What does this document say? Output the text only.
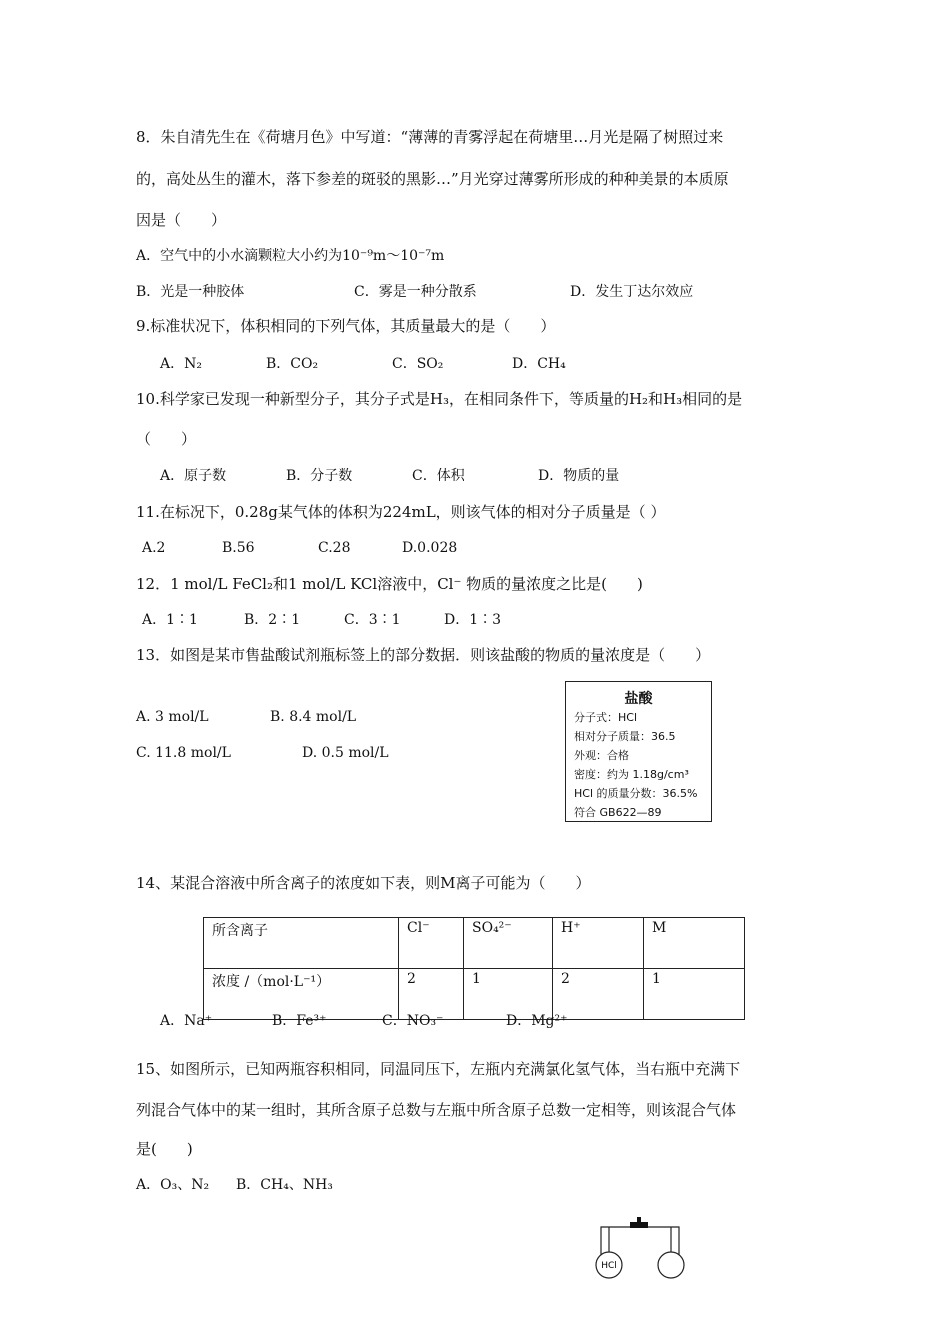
8．朱自清先生在《荷塘月色》中写道：“薄薄的青雾浮起在荷塘里…月光是隔了树照过来
的，高处丛生的灌木，落下参差的斑驳的黑影…”月光穿过薄雾所形成的种种美景的本质原
因是（　　）
A．空气中的小水滴颗粒大小约为10⁻⁹m～10⁻⁷m
B．光是一种胶体	C．雾是一种分散系	D．发生丁达尔效应
9.标准状况下，体积相同的下列气体，其质量最大的是（　　）
A．N₂	B．CO₂	C．SO₂	D．CH₄
10.科学家已发现一种新型分子，其分子式是H₃，在相同条件下，等质量的H₂和H₃相同的是
（　　）
A．原子数	B．分子数	C．体积	D．物质的量
11.在标况下，0.28g某气体的体积为224mL，则该气体的相对分子质量是（ ）
A.2	B.56	C.28	D.0.028
12．1 mol/L FeCl₂和1 mol/L KCl溶液中，Cl⁻ 物质的量浓度之比是(　　)
A．1∶1	B．2∶1	C．3∶1	D．1∶3
13．如图是某市售盐酸试剂瓶标签上的部分数据．则该盐酸的物质的量浓度是（　　）
A. 3 mol/L	B. 8.4 mol/L
C. 11.8 mol/L	D. 0.5 mol/L
盐酸
分子式：HCl
相对分子质量：36.5
外观：合格
密度：约为 1.18g/cm³
HCl 的质量分数：36.5%
符合 GB622—89
14、某混合溶液中所含离子的浓度如下表，则M离子可能为（　　）
所含离子	Cl⁻	SO₄²⁻	H⁺	M
浓度 /（mol·L⁻¹）	2	1	2	1
A．Na⁺	B．Fe³⁺	C．NO₃⁻	D．Mg²⁺
15、如图所示，已知两瓶容积相同，同温同压下，左瓶内充满氯化氢气体，当右瓶中充满下
列混合气体中的某一组时，其所含原子总数与左瓶中所含原子总数一定相等，则该混合气体
是(　　)
A．O₃、N₂ B．CH₄、NH₃
HCl
